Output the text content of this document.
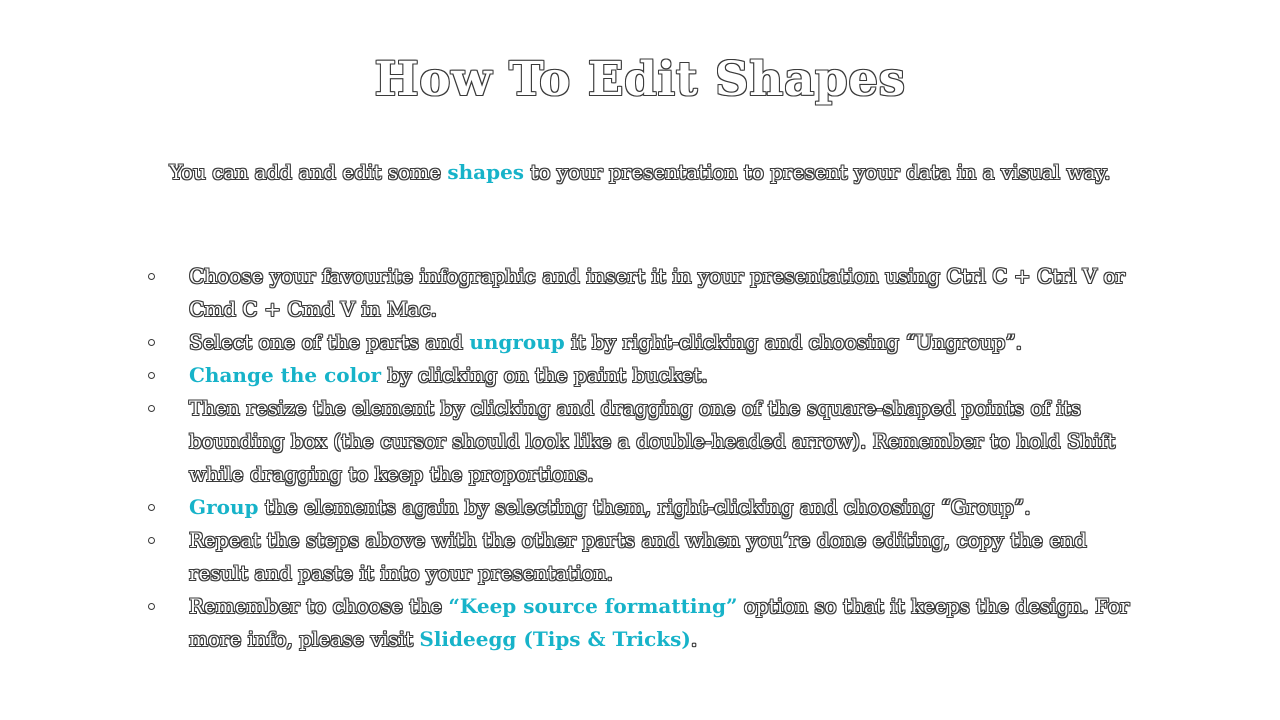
How To Edit Shapes

You can add and edit some shapes to your presentation to present your data in a visual way.

Choose your favourite infographic and insert it in your presentation using Ctrl C + Ctrl V or Cmd C + Cmd V in Mac.
Select one of the parts and ungroup it by right-clicking and choosing “Ungroup”.
Change the color by clicking on the paint bucket.
Then resize the element by clicking and dragging one of the square-shaped points of its bounding box (the cursor should look like a double-headed arrow). Remember to hold Shift while dragging to keep the proportions.
Group the elements again by selecting them, right-clicking and choosing “Group”.
Repeat the steps above with the other parts and when you’re done editing, copy the end result and paste it into your presentation.
Remember to choose the “Keep source formatting” option so that it keeps the design. For more info, please visit Slideegg (Tips & Tricks).
